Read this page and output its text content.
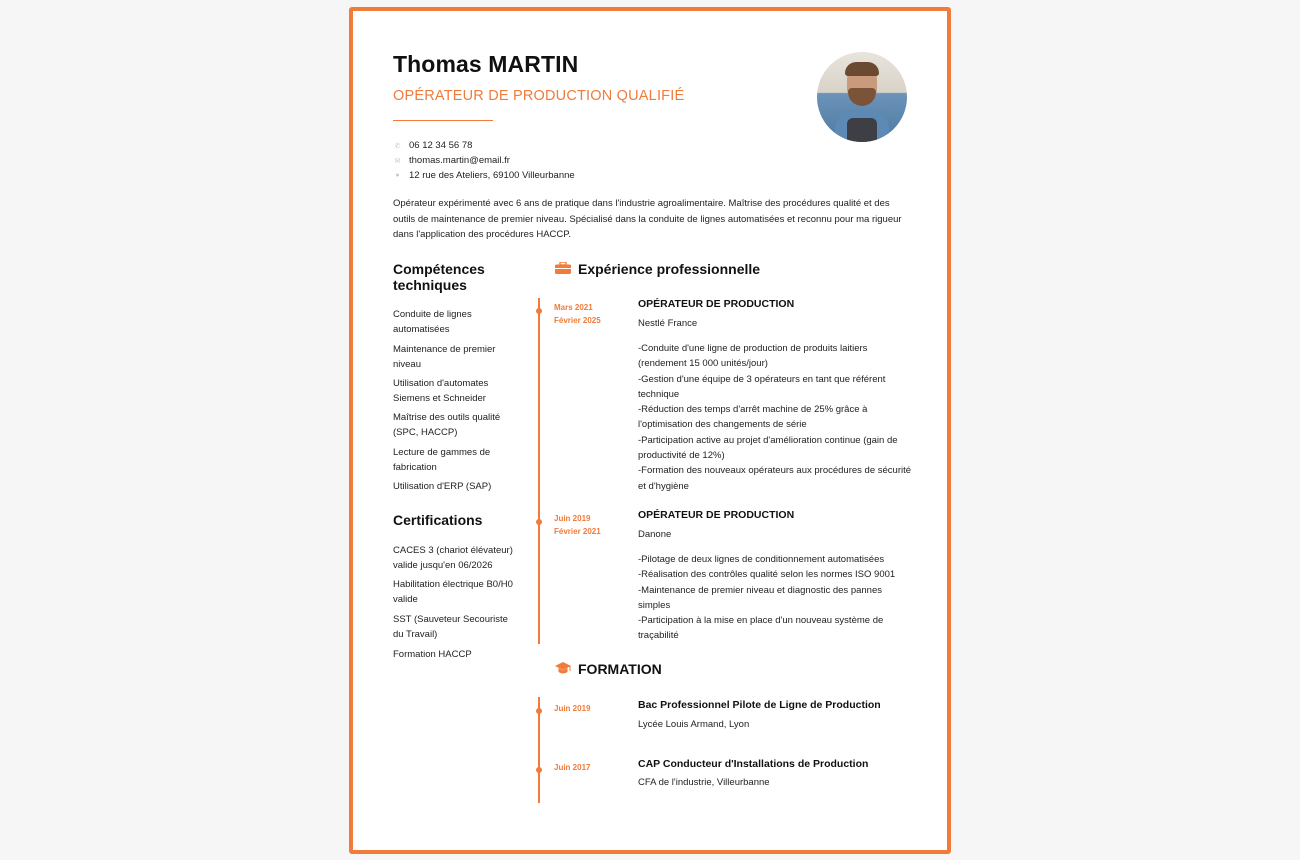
Thomas MARTIN
OPÉRATEUR DE PRODUCTION QUALIFIÉ
✆ 06 12 34 56 78
✉ thomas.martin@email.fr
● 12 rue des Ateliers, 69100 Villeurbanne
Opérateur expérimenté avec 6 ans de pratique dans l'industrie agroalimentaire. Maîtrise des procédures qualité et des outils de maintenance de premier niveau. Spécialisé dans la conduite de lignes automatisées et reconnu pour ma rigueur dans l'application des procédures HACCP.
Compétences techniques
Conduite de lignes automatisées
Maintenance de premier niveau
Utilisation d'automates Siemens et Schneider
Maîtrise des outils qualité (SPC, HACCP)
Lecture de gammes de fabrication
Utilisation d'ERP (SAP)
Certifications
CACES 3 (chariot élévateur) valide jusqu'en 06/2026
Habilitation électrique B0/H0 valide
SST (Sauveteur Secouriste du Travail)
Formation HACCP
Expérience professionnelle
Mars 2021
Février 2025
OPÉRATEUR DE PRODUCTION
Nestlé France
-Conduite d'une ligne de production de produits laitiers (rendement 15 000 unités/jour)
-Gestion d'une équipe de 3 opérateurs en tant que référent technique
-Réduction des temps d'arrêt machine de 25% grâce à l'optimisation des changements de série
-Participation active au projet d'amélioration continue (gain de productivité de 12%)
-Formation des nouveaux opérateurs aux procédures de sécurité et d'hygiène
Juin 2019
Février 2021
OPÉRATEUR DE PRODUCTION
Danone
-Pilotage de deux lignes de conditionnement automatisées
-Réalisation des contrôles qualité selon les normes ISO 9001
-Maintenance de premier niveau et diagnostic des pannes simples
-Participation à la mise en place d'un nouveau système de traçabilité
FORMATION
Juin 2019	Bac Professionnel Pilote de Ligne de Production
Lycée Louis Armand, Lyon
Juin 2017	CAP Conducteur d'Installations de Production
CFA de l'industrie, Villeurbanne
